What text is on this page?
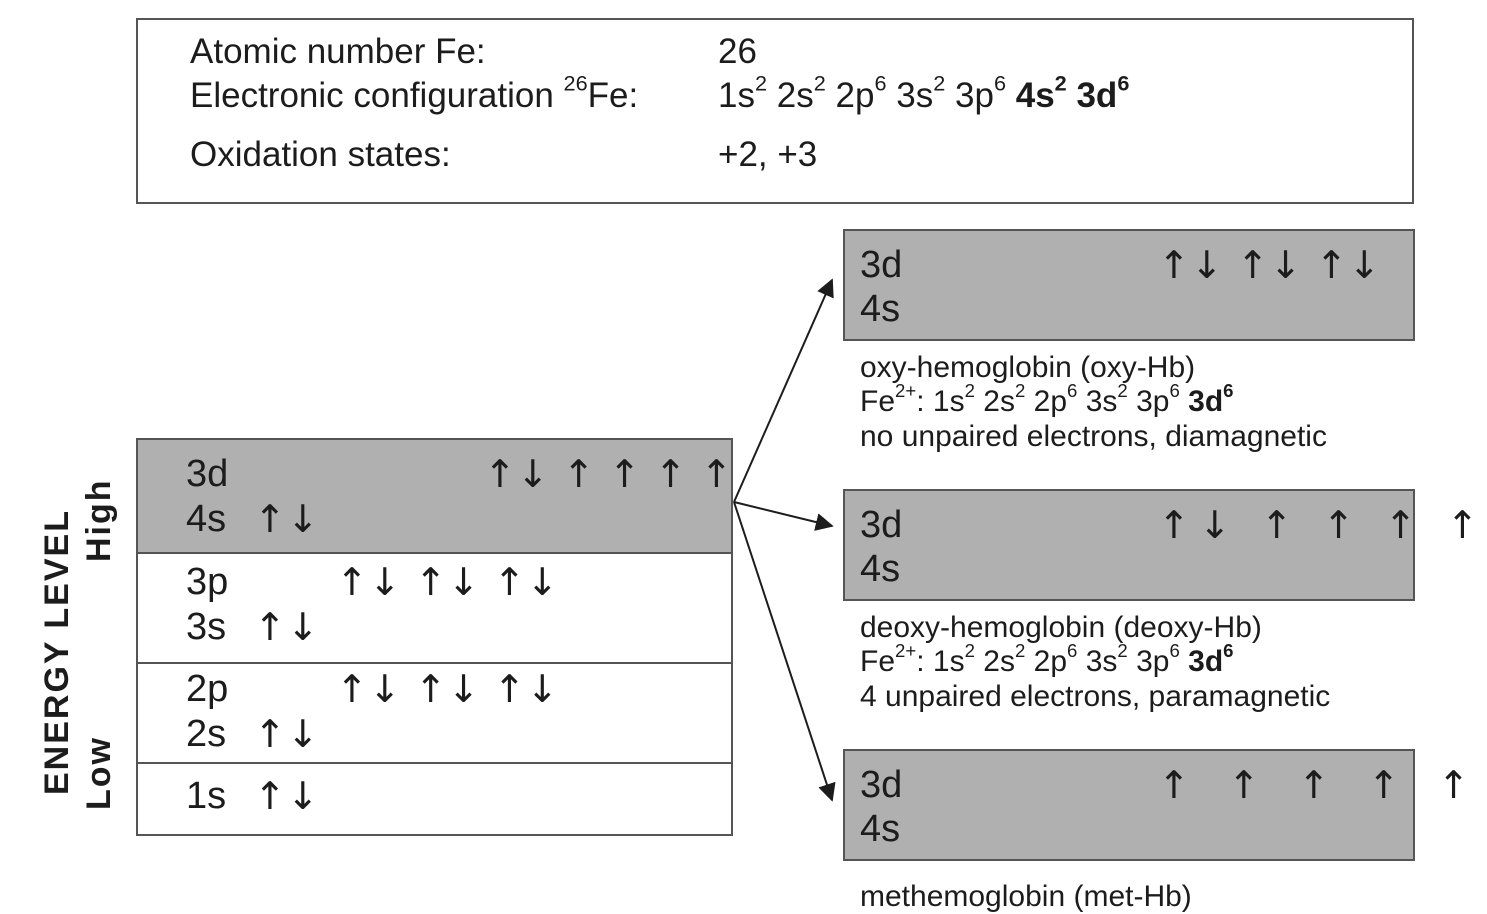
Atomic number Fe:	26
Electronic configuration $^{26}$Fe: $1s^2$ $2s^2$ $2p^6$ $3s^2$ $3p^6$ $4s^2$ $3d^6$
Oxidation states:	+2, +3
ENERGY LEVEL High
Low
3d	↑↓ ↑ ↑ ↑ ↑
4s ↑↓
3p	↑↓ ↑↓ ↑↓
3s ↑↓
2p	↑↓ ↑↓ ↑↓
2s ↑↓
1s ↑↓
3d
4s
↑↓ ↑↓ ↑↓
oxy-hemoglobin (oxy-Hb)
$Fe^{2+}$: $1s^2$ $2s^2$ $2p^6$ $3s^2$ $3p^6$ $3d^6$
no unpaired electrons, diamagnetic
3d
4s
↑↓ ↑ ↑ ↑ ↑
deoxy-hemoglobin (deoxy-Hb)
$Fe^{2+}$: $1s^2$ $2s^2$ $2p^6$ $3s^2$ $3p^6$ $3d^6$
4 unpaired electrons, paramagnetic
3d
4s
↑ ↑ ↑ ↑ ↑
methemoglobin (met-Hb)
